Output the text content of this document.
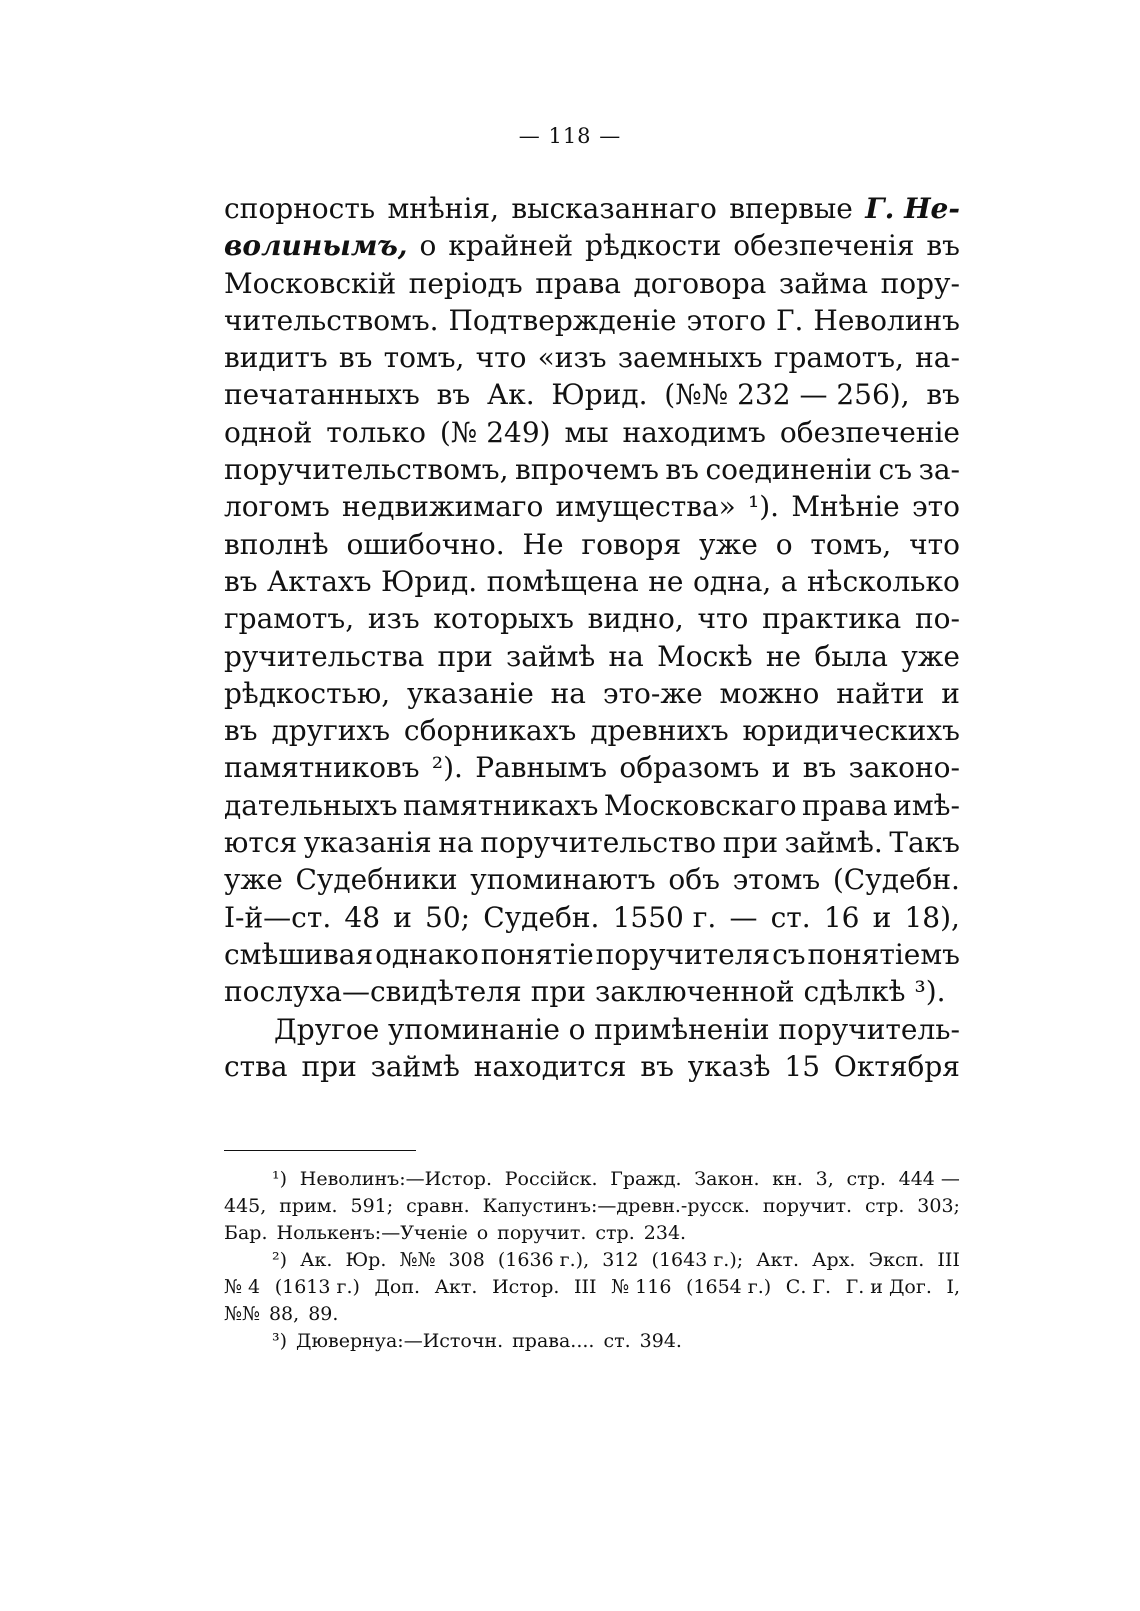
— 118 —
спорность мнѣнія, высказаннаго впервые Г. Не-
волинымъ, о крайней рѣдкости обезпеченія въ
Московскій періодъ права договора займа пору-
чительствомъ. Подтвержденіе этого Г. Неволинъ
видитъ въ томъ, что «изъ заемныхъ грамотъ, на-
печатанныхъ въ Ак. Юрид. (№№ 232 — 256), въ
одной только (№ 249) мы находимъ обезпеченіе
поручительствомъ, впрочемъ въ соединеніи съ за-
логомъ недвижимаго имущества» ¹). Мнѣніе это
вполнѣ ошибочно. Не говоря уже о томъ, что
въ Актахъ Юрид. помѣщена не одна, а нѣсколько
грамотъ, изъ которыхъ видно, что практика по-
ручительства при займѣ на Москѣ не была уже
рѣдкостью, указаніе на это-же можно найти и
въ другихъ сборникахъ древнихъ юридическихъ
памятниковъ ²). Равнымъ образомъ и въ законо-
дательныхъ памятникахъ Московскаго права имѣ-
ются указанія на поручительство при займѣ. Такъ
уже Судебники упоминаютъ объ этомъ (Судебн.
I-й—ст. 48 и 50; Судебн. 1550 г. — ст. 16 и 18),
смѣшивая однако понятіе поручителя съ понятіемъ
послуха—свидѣтеля при заключенной сдѣлкѣ ³).
Другое упоминаніе о примѣненіи поручитель-
ства при займѣ находится въ указѣ 15 Октября
¹) Неволинъ:—Истор. Россійск. Гражд. Закон. кн. 3, стр. 444 —
445, прим. 591; сравн. Капустинъ:—древн.-русск. поручит. стр. 303;
Бар. Нолькенъ:—Ученіе о поручит. стр. 234.
²) Ак. Юр. №№ 308 (1636 г.), 312 (1643 г.); Акт. Арх. Эксп. III
№ 4 (1613 г.) Доп. Акт. Истор. III № 116 (1654 г.) С. Г. Г. и Дог. I,
№№ 88, 89.
³) Дювернуа:—Источн. права.... ст. 394.
